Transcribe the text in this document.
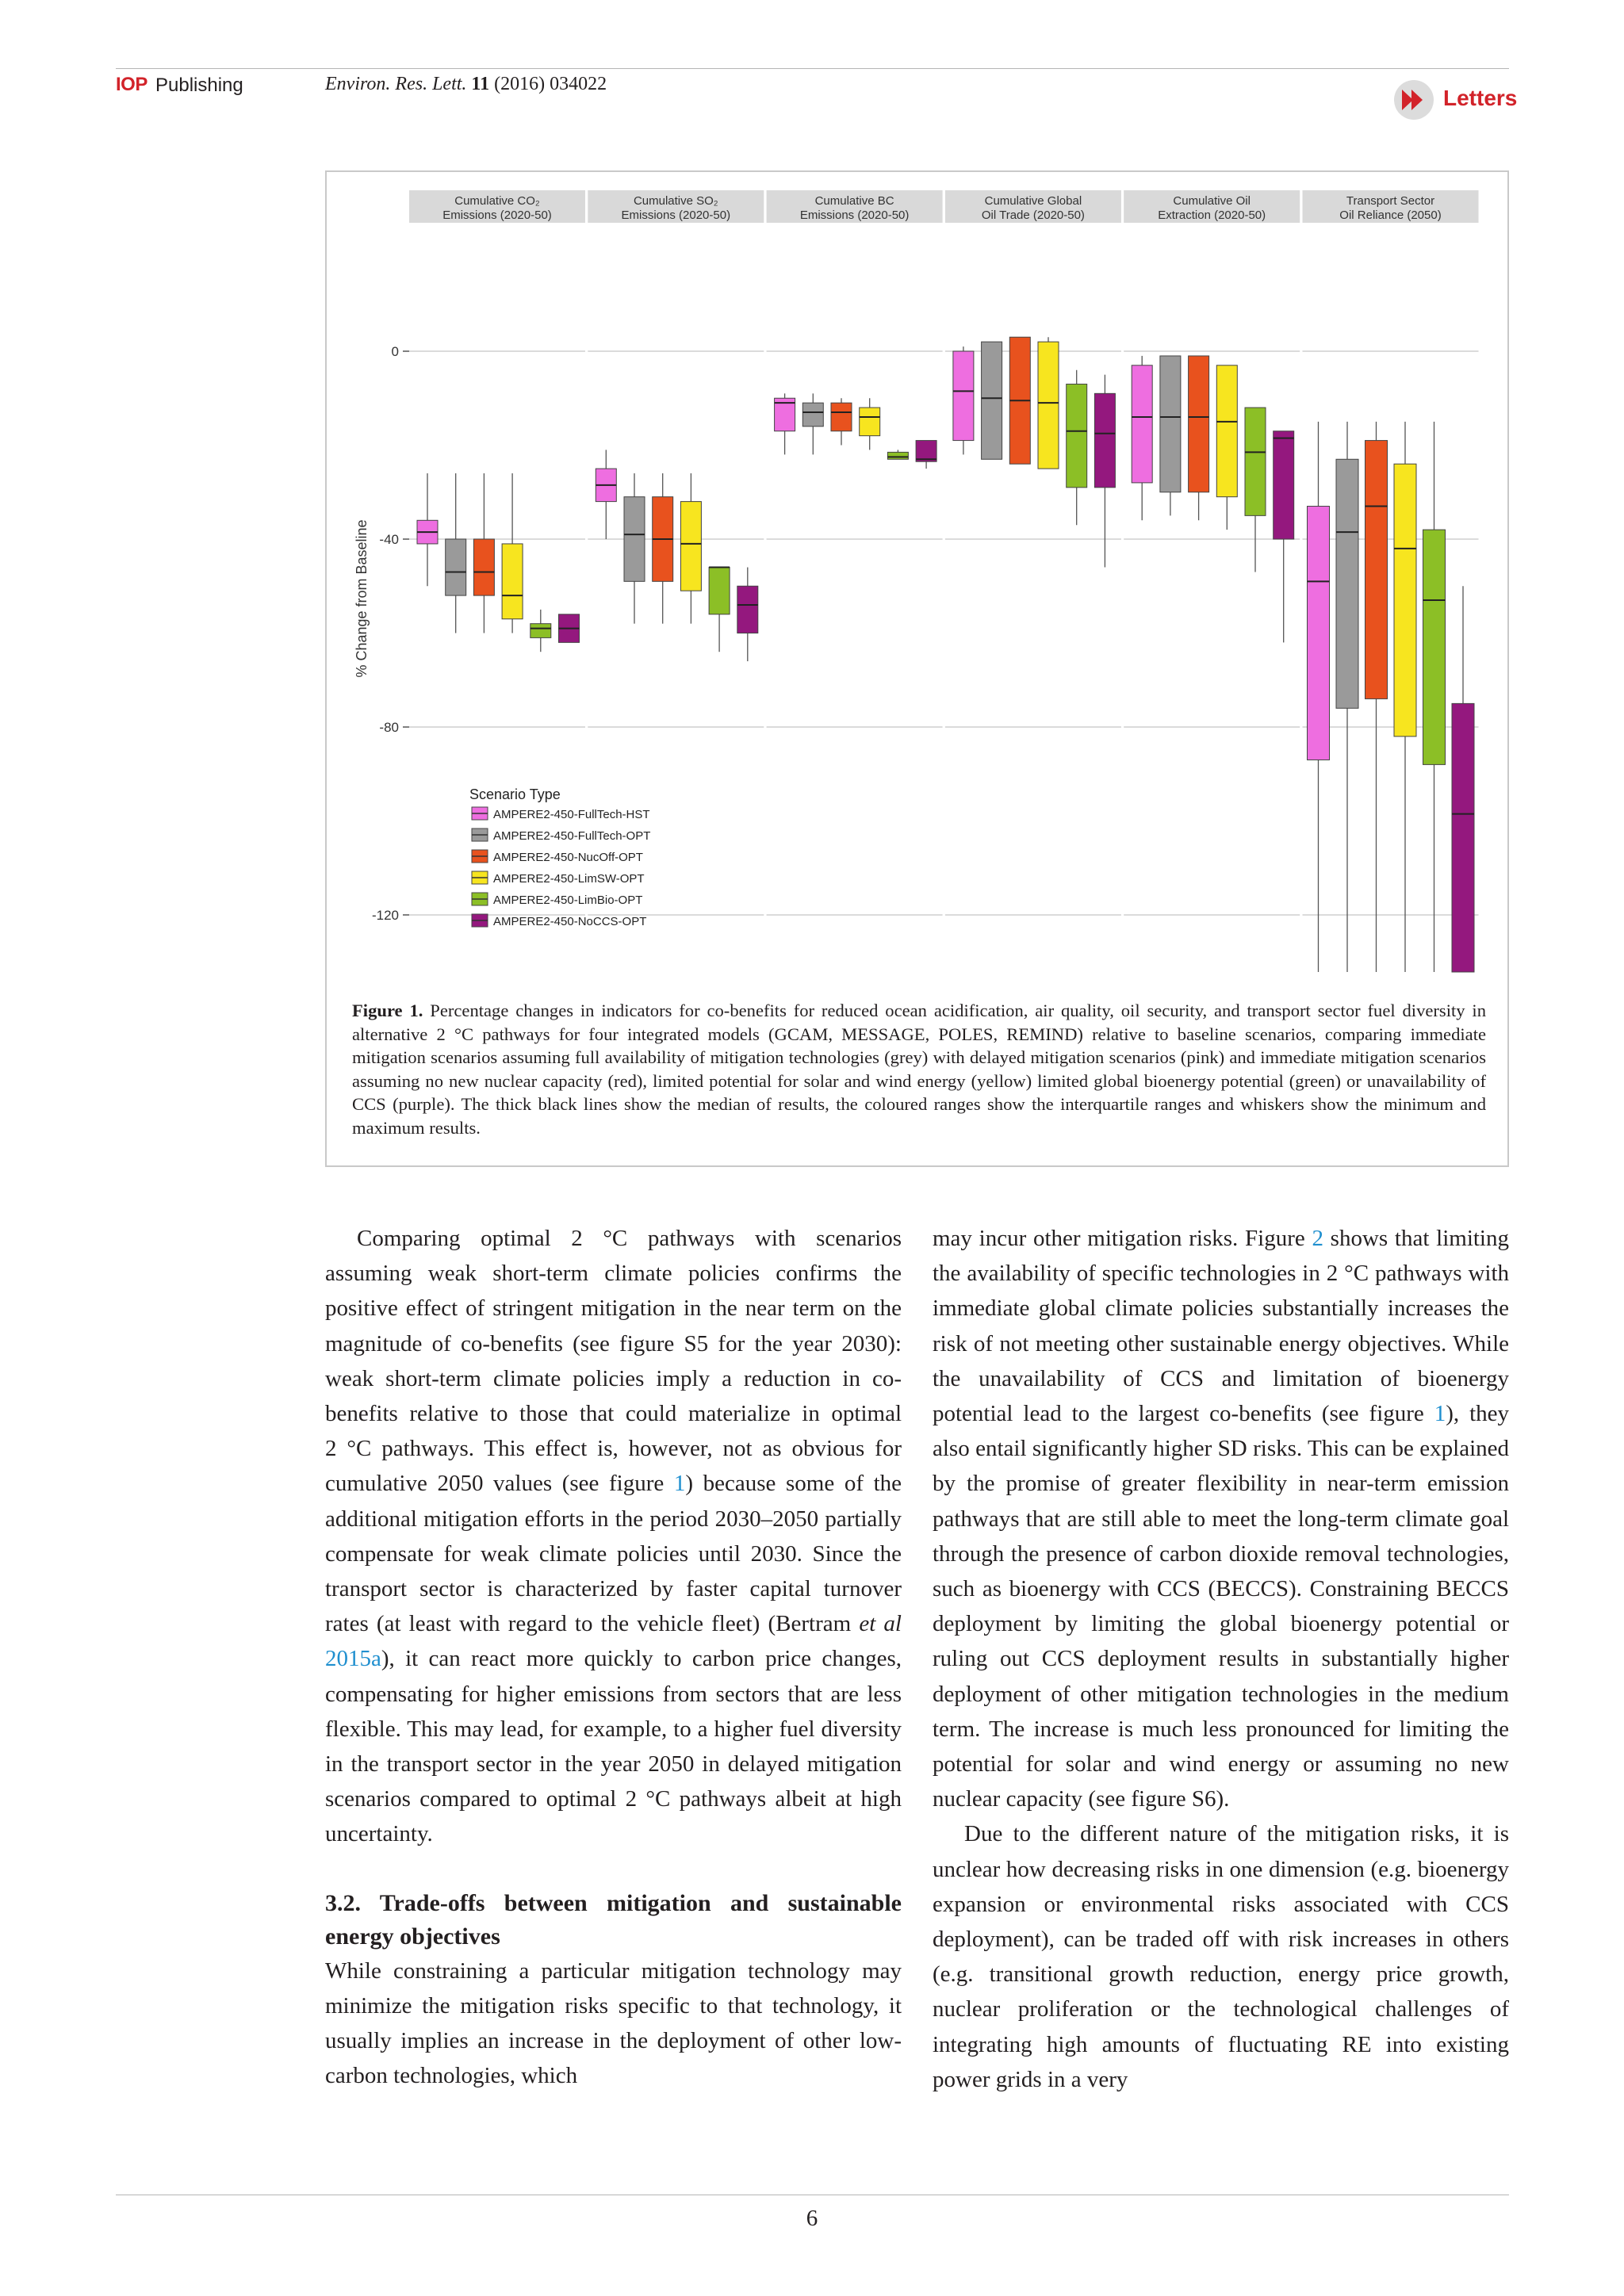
IOP Publishing	Environ. Res. Lett. 11 (2016) 034022
Letters
Cumulative CO₂
Emissions (2020-50)
Cumulative SO₂
Emissions (2020-50)
Cumulative BC
Emissions (2020-50)
Cumulative Global
Oil Trade (2020-50)
Cumulative Oil
Extraction (2020-50)
Transport Sector
Oil Reliance (2050)
0
-40
-80
-120
% Change from Baseline
Scenario Type
AMPERE2-450-FullTech-HST
AMPERE2-450-FullTech-OPT
AMPERE2-450-NucOff-OPT
AMPERE2-450-LimSW-OPT
AMPERE2-450-LimBio-OPT
AMPERE2-450-NoCCS-OPT
Figure 1. Percentage changes in indicators for co-benefits for reduced ocean acidification, air quality, oil security, and transport sector fuel diversity in alternative 2 °C pathways for four integrated models (GCAM, MESSAGE, POLES, REMIND) relative to baseline scenarios, comparing immediate mitigation scenarios assuming full availability of mitigation technologies (grey) with delayed mitigation scenarios (pink) and immediate mitigation scenarios assuming no new nuclear capacity (red), limited potential for solar and wind energy (yellow) limited global bioenergy potential (green) or unavailability of CCS (purple). The thick black lines show the median of results, the coloured ranges show the interquartile ranges and whiskers show the minimum and maximum results.

Comparing optimal 2 °C pathways with scenarios assuming weak short-term climate policies confirms the positive effect of stringent mitigation in the near term on the magnitude of co-benefits (see figure S5 for the year 2030): weak short-term climate policies imply a reduction in co-benefits relative to those that could materialize in optimal 2 °C pathways. This effect is, however, not as obvious for cumulative 2050 values (see figure 1) because some of the additional mitigation efforts in the period 2030–2050 partially compensate for weak climate policies until 2030. Since the transport sector is characterized by faster capital turnover rates (at least with regard to the vehicle fleet) (Bertram et al 2015a), it can react more quickly to carbon price changes, compensating for higher emissions from sectors that are less flexible. This may lead, for example, to a higher fuel diversity in the transport sector in the year 2050 in delayed mitigation scenarios compared to optimal 2 °C pathways albeit at high uncertainty.

3.2. Trade-offs between mitigation and sustainable energy objectives

While constraining a particular mitigation technology may minimize the mitigation risks specific to that technology, it usually implies an increase in the deployment of other low-carbon technologies, which

may incur other mitigation risks. Figure 2 shows that limiting the availability of specific technologies in 2 °C pathways with immediate global climate policies substantially increases the risk of not meeting other sustainable energy objectives. While the unavailability of CCS and limitation of bioenergy potential lead to the largest co-benefits (see figure 1), they also entail significantly higher SD risks. This can be explained by the promise of greater flexibility in near-term emission pathways that are still able to meet the long-term climate goal through the presence of carbon dioxide removal technologies, such as bioenergy with CCS (BECCS). Constraining BECCS deployment by limiting the global bioenergy potential or ruling out CCS deployment results in substantially higher deployment of other mitigation technologies in the medium term. The increase is much less pronounced for limiting the potential for solar and wind energy or assuming no new nuclear capacity (see figure S6).

Due to the different nature of the mitigation risks, it is unclear how decreasing risks in one dimension (e.g. bioenergy expansion or environmental risks associated with CCS deployment), can be traded off with risk increases in others (e.g. transitional growth reduction, energy price growth, nuclear proliferation or the technological challenges of integrating high amounts of fluctuating RE into existing power grids in a very

6
